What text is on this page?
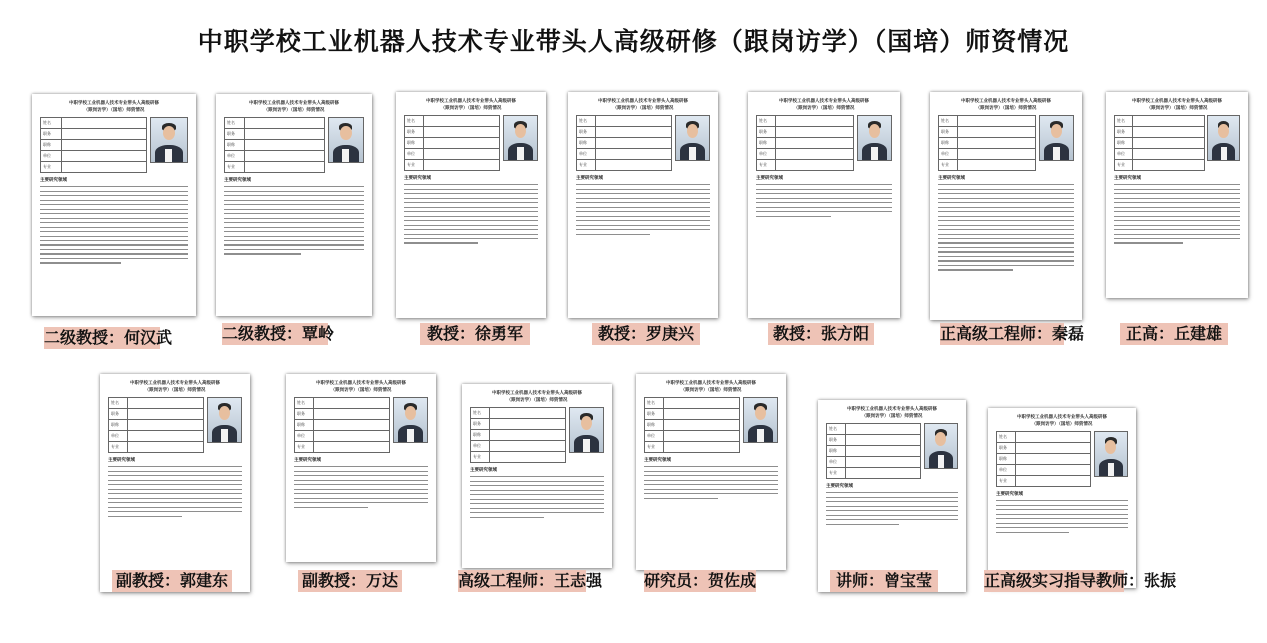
中职学校工业机器人技术专业带头人高级研修（跟岗访学）（国培）师资情况
中职学校工业机器人技术专业带头人高级研修
（跟岗访学）（国培）师资情况
姓名	
职务	
职称	
单位	
专业	
主要研究领域
二级教授：何汉武
中职学校工业机器人技术专业带头人高级研修
（跟岗访学）（国培）师资情况
姓名	
职务	
职称	
单位	
专业	
主要研究领域
二级教授：覃岭
中职学校工业机器人技术专业带头人高级研修
（跟岗访学）（国培）师资情况
姓名	
职务	
职称	
单位	
专业	
主要研究领域
教授：徐勇军
中职学校工业机器人技术专业带头人高级研修
（跟岗访学）（国培）师资情况
姓名	
职务	
职称	
单位	
专业	
主要研究领域
教授：罗庚兴
中职学校工业机器人技术专业带头人高级研修
（跟岗访学）（国培）师资情况
姓名	
职务	
职称	
单位	
专业	
主要研究领域
教授：张方阳
中职学校工业机器人技术专业带头人高级研修
（跟岗访学）（国培）师资情况
姓名	
职务	
职称	
单位	
专业	
主要研究领域
正高级工程师：秦磊
中职学校工业机器人技术专业带头人高级研修
（跟岗访学）（国培）师资情况
姓名	
职务	
职称	
单位	
专业	
主要研究领域
正高：丘建雄
中职学校工业机器人技术专业带头人高级研修
（跟岗访学）（国培）师资情况
姓名	
职务	
职称	
单位	
专业	
主要研究领域
副教授：郭建东
中职学校工业机器人技术专业带头人高级研修
（跟岗访学）（国培）师资情况
姓名	
职务	
职称	
单位	
专业	
主要研究领域
副教授：万达
中职学校工业机器人技术专业带头人高级研修
（跟岗访学）（国培）师资情况
姓名	
职务	
职称	
单位	
专业	
主要研究领域
高级工程师：王志强
中职学校工业机器人技术专业带头人高级研修
（跟岗访学）（国培）师资情况
姓名	
职务	
职称	
单位	
专业	
主要研究领域
研究员：贺佐成
中职学校工业机器人技术专业带头人高级研修
（跟岗访学）（国培）师资情况
姓名	
职务	
职称	
单位	
专业	
主要研究领域
讲师：曾宝莹
中职学校工业机器人技术专业带头人高级研修
（跟岗访学）（国培）师资情况
姓名	
职务	
职称	
单位	
专业	
主要研究领域
正高级实习指导教师：张振
